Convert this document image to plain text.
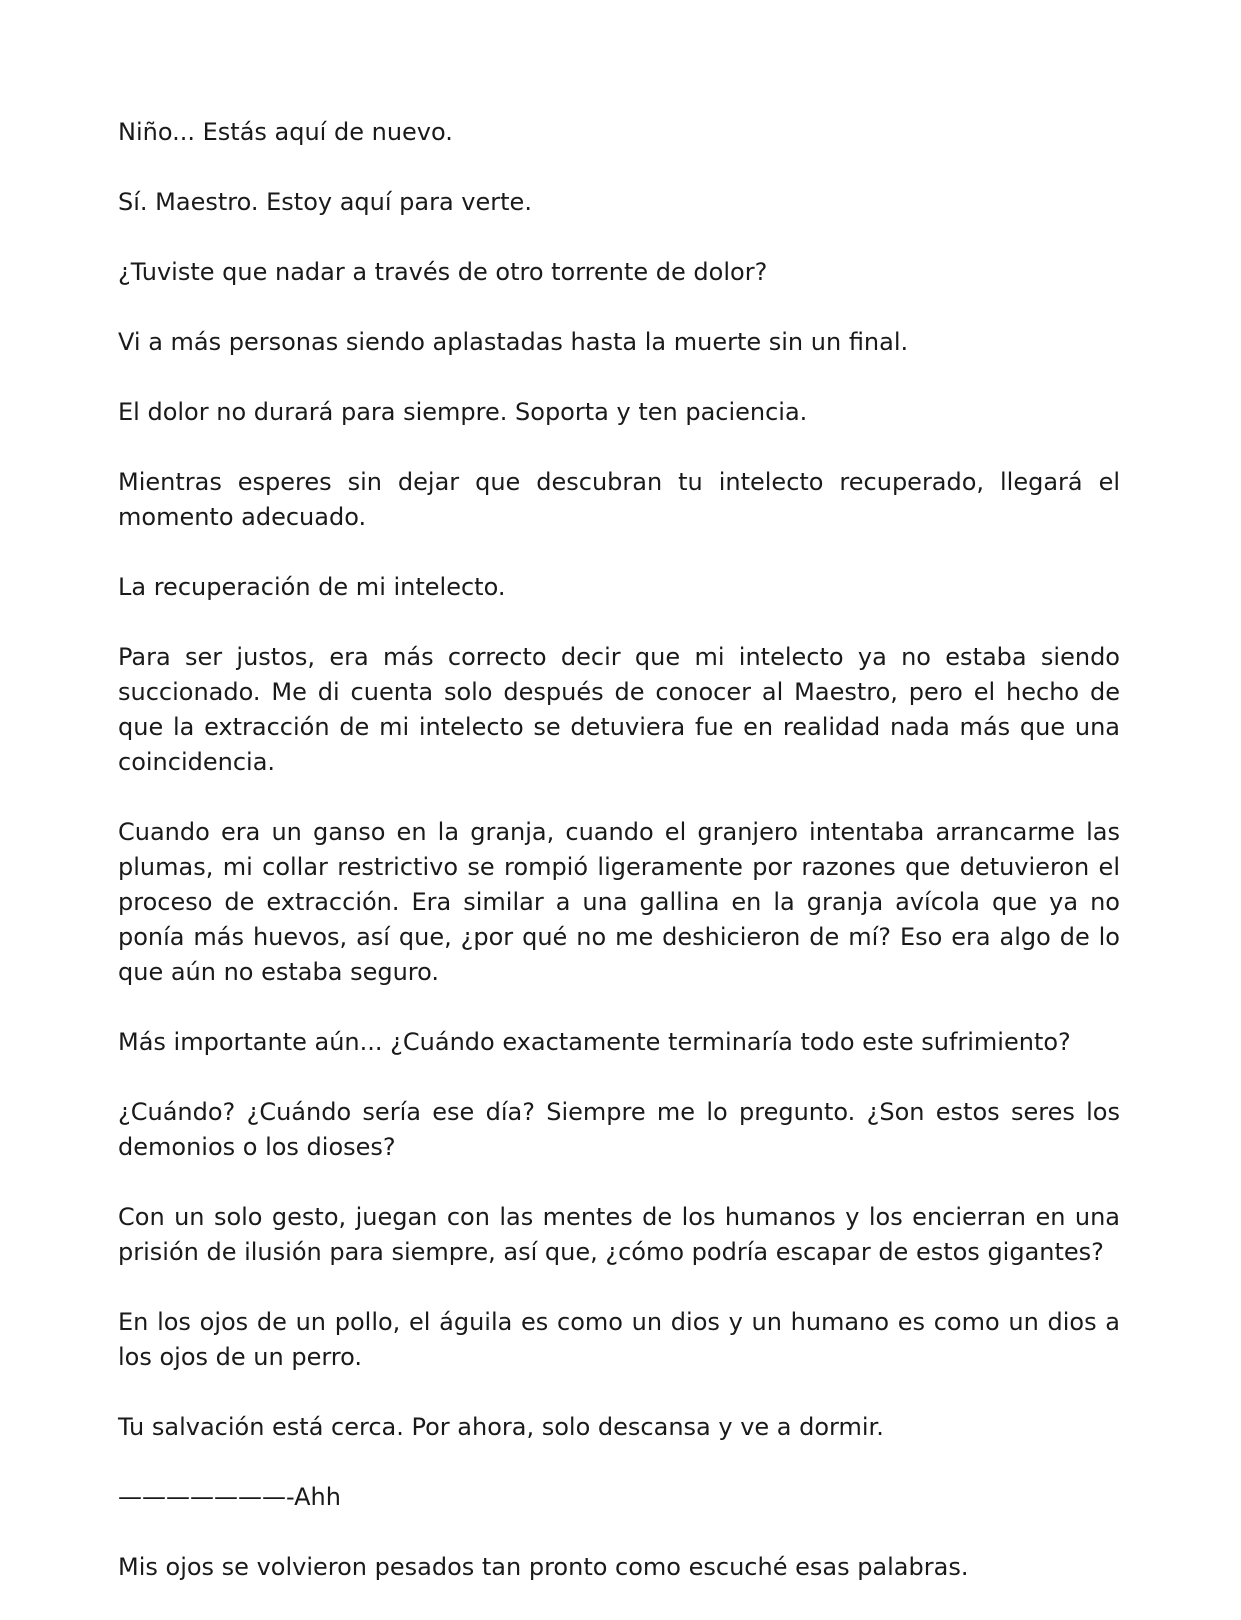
Niño... Estás aquí de nuevo.

Sí. Maestro. Estoy aquí para verte.

¿Tuviste que nadar a través de otro torrente de dolor?

Vi a más personas siendo aplastadas hasta la muerte sin un final.

El dolor no durará para siempre. Soporta y ten paciencia.

Mientras esperes sin dejar que descubran tu intelecto recuperado, llegará el momento adecuado.

La recuperación de mi intelecto.

Para ser justos, era más correcto decir que mi intelecto ya no estaba siendo succionado. Me di cuenta solo después de conocer al Maestro, pero el hecho de que la extracción de mi intelecto se detuviera fue en realidad nada más que una coincidencia.

Cuando era un ganso en la granja, cuando el granjero intentaba arrancarme las plumas, mi collar restrictivo se rompió ligeramente por razones que detuvieron el proceso de extracción. Era similar a una gallina en la granja avícola que ya no ponía más huevos, así que, ¿por qué no me deshicieron de mí? Eso era algo de lo que aún no estaba seguro.

Más importante aún... ¿Cuándo exactamente terminaría todo este sufrimiento?

¿Cuándo? ¿Cuándo sería ese día? Siempre me lo pregunto. ¿Son estos seres los demonios o los dioses?

Con un solo gesto, juegan con las mentes de los humanos y los encierran en una prisión de ilusión para siempre, así que, ¿cómo podría escapar de estos gigantes?

En los ojos de un pollo, el águila es como un dios y un humano es como un dios a los ojos de un perro.

Tu salvación está cerca. Por ahora, solo descansa y ve a dormir.

———————-Ahh

Mis ojos se volvieron pesados tan pronto como escuché esas palabras.
